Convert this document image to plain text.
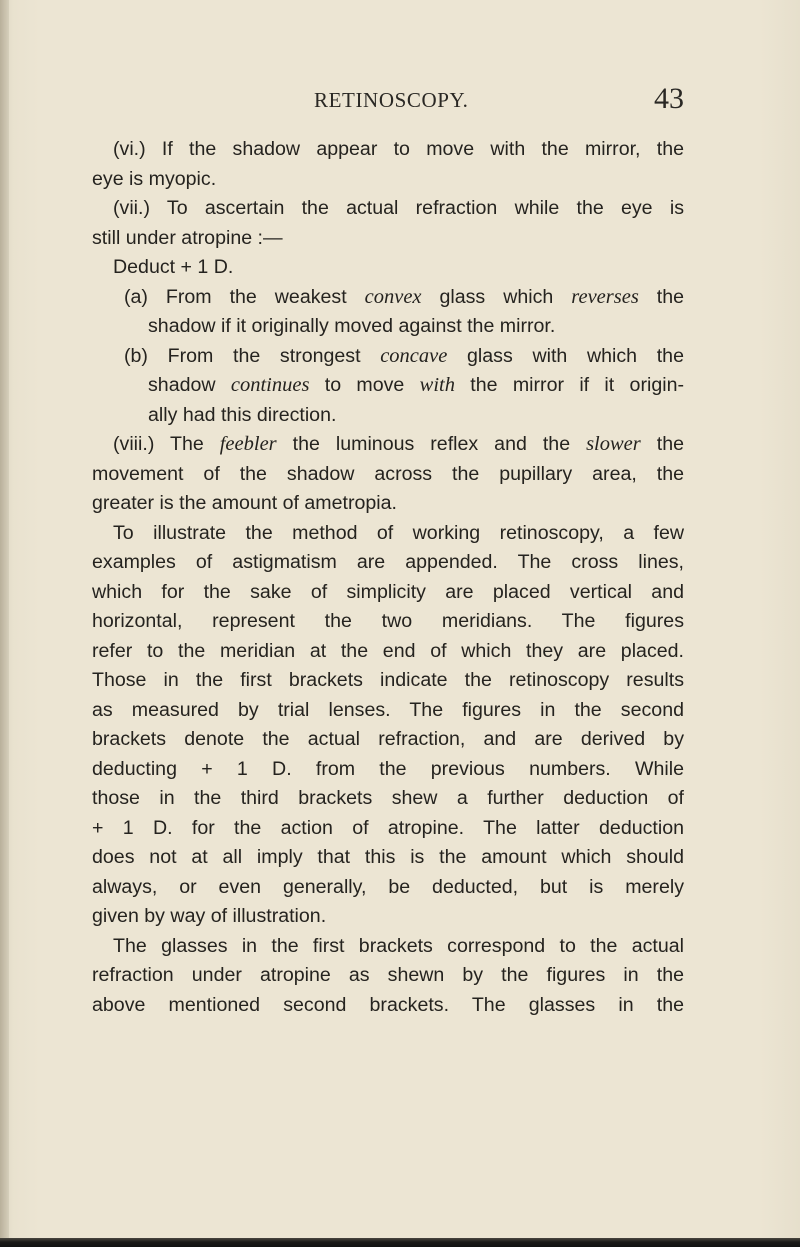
RETINOSCOPY.	43

(vi.) If the shadow appear to move with the mirror, the
eye is myopic.

(vii.) To ascertain the actual refraction while the eye is
still under atropine :—
Deduct + 1 D.

(a) From the weakest convex glass which reverses the
shadow if it originally moved against the mirror.

(b) From the strongest concave glass with which the
shadow continues to move with the mirror if it origin-
ally had this direction.

(viii.) The feebler the luminous reflex and the slower the
movement of the shadow across the pupillary area, the
greater is the amount of ametropia.

To illustrate the method of working retinoscopy, a few
examples of astigmatism are appended. The cross lines,
which for the sake of simplicity are placed vertical and
horizontal, represent the two meridians. The figures
refer to the meridian at the end of which they are placed.
Those in the first brackets indicate the retinoscopy results
as measured by trial lenses. The figures in the second
brackets denote the actual refraction, and are derived by
deducting + 1 D. from the previous numbers. While
those in the third brackets shew a further deduction of
+ 1 D. for the action of atropine. The latter deduction
does not at all imply that this is the amount which should
always, or even generally, be deducted, but is merely
given by way of illustration.

The glasses in the first brackets correspond to the actual
refraction under atropine as shewn by the figures in the
above mentioned second brackets. The glasses in the
